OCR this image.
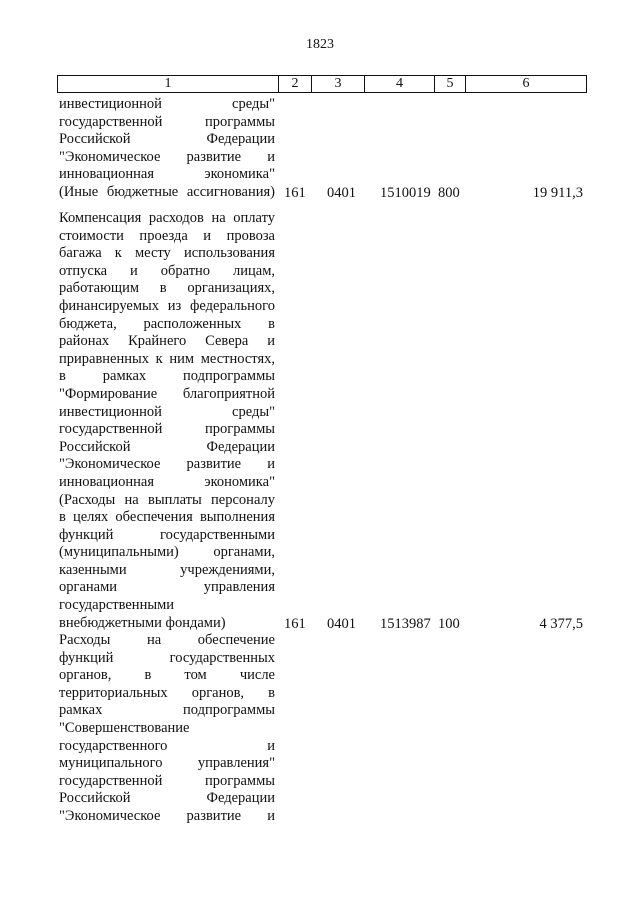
1823
1	2	3	4	5	6
инвестиционной среды"
государственной программы
Российской Федерации
"Экономическое развитие и
инновационная экономика"
(Иные бюджетные ассигнования) 161 0401 1510019 800	19 911,3
Компенсация расходов на оплату
стоимости проезда и провоза
багажа к месту использования
отпуска и обратно лицам,
работающим в организациях,
финансируемых из федерального
бюджета, расположенных в
районах Крайнего Севера и
приравненных к ним местностях,
в рамках подпрограммы
"Формирование благоприятной
инвестиционной среды"
государственной программы
Российской Федерации
"Экономическое развитие и
инновационная экономика"
(Расходы на выплаты персоналу
в целях обеспечения выполнения
функций государственными
(муниципальными) органами,
казенными учреждениями,
органами управления
государственными
внебюджетными фондами)	161 0401 1513987 100	4 377,5
Расходы на обеспечение
функций государственных
органов, в том числе
территориальных органов, в
рамках подпрограммы
"Совершенствование
государственного и
муниципального управления"
государственной программы
Российской Федерации
"Экономическое развитие и
